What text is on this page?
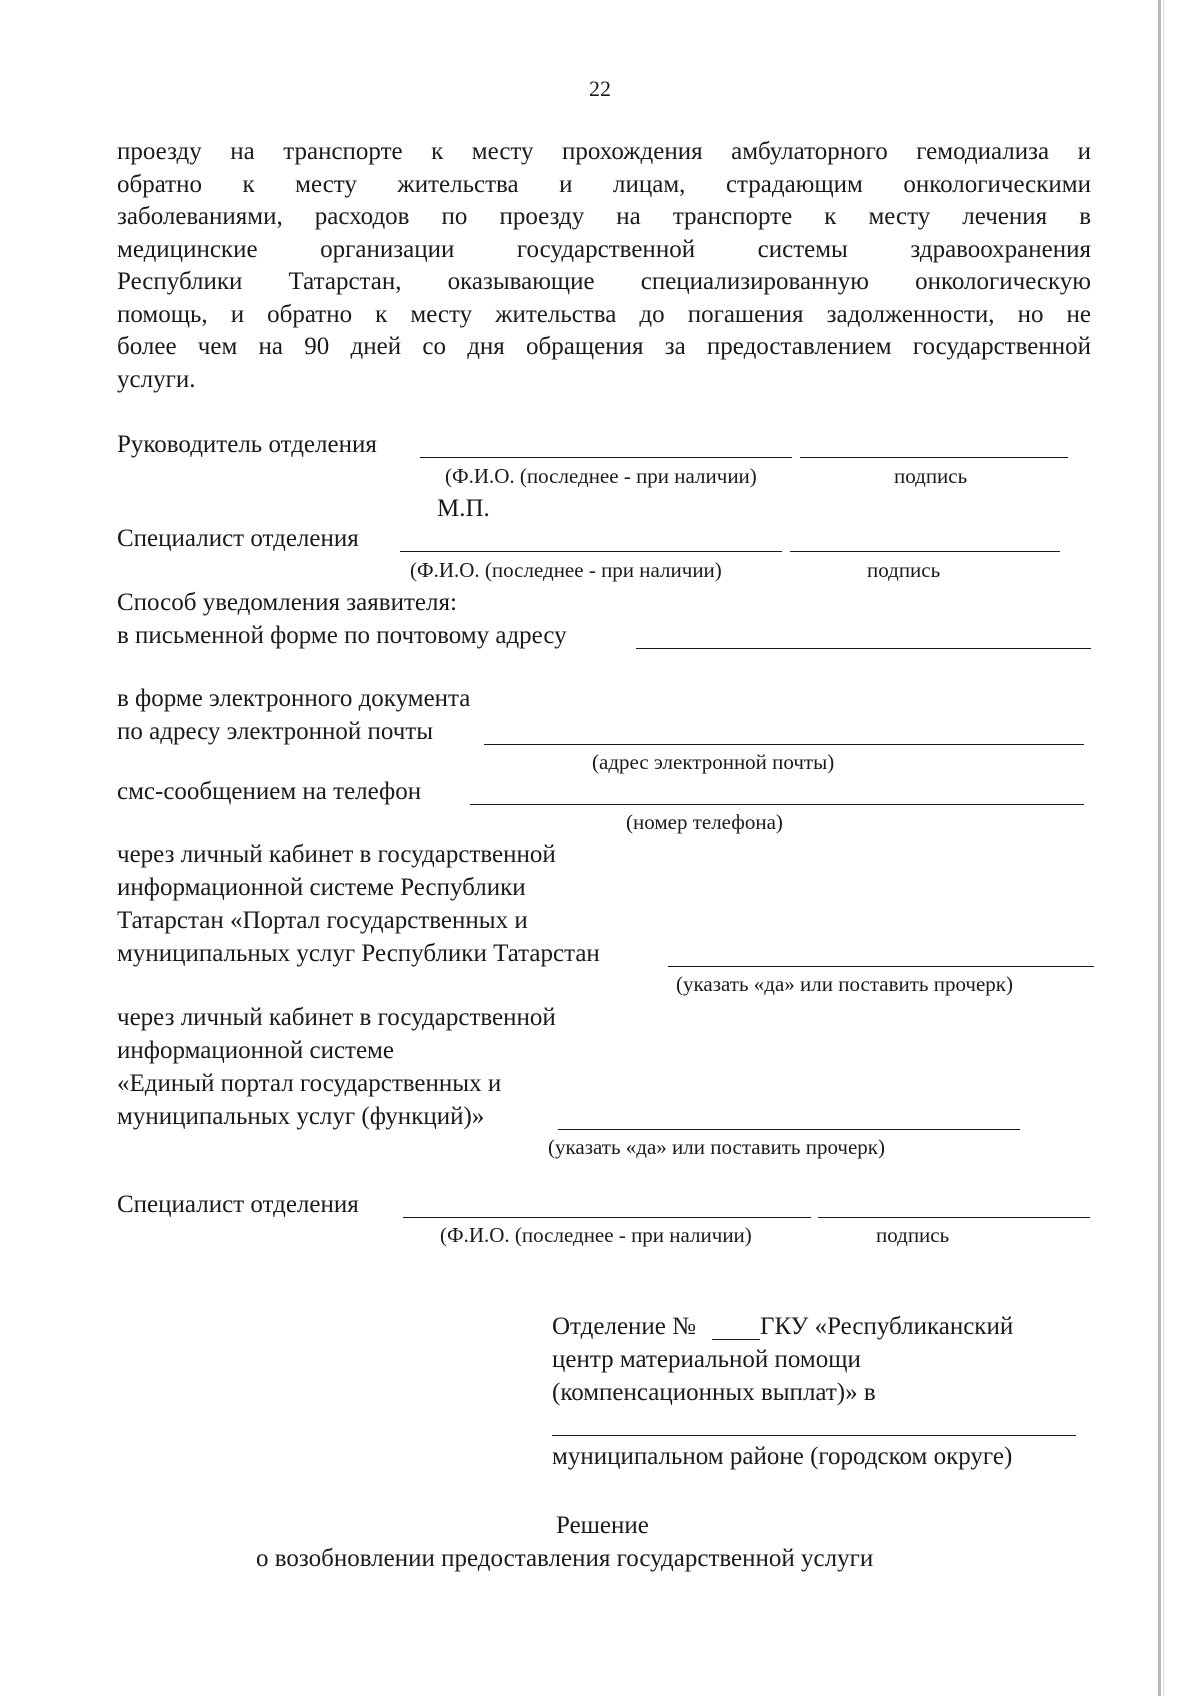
22

проезду на транспорте к месту прохождения амбулаторного гемодиализа и
обратно к месту жительства и лицам, страдающим онкологическими
заболеваниями, расходов по проезду на транспорте к месту лечения в
медицинские организации государственной системы здравоохранения
Республики Татарстан, оказывающие специализированную онкологическую
помощь, и обратно к месту жительства до погашения задолженности, но не
более чем на 90 дней со дня обращения за предоставлением государственной
услуги.

Руководитель отделения
(Ф.И.О. (последнее - при наличии)	подпись
М.П.
Специалист отделения
(Ф.И.О. (последнее - при наличии)	подпись
Способ уведомления заявителя:
в письменной форме по почтовому адресу
в форме электронного документа
по адресу электронной почты
(адрес электронной почты)
смс-сообщением на телефон
(номер телефона)
через личный кабинет в государственной
информационной системе Республики
Татарстан «Портал государственных и
муниципальных услуг Республики Татарстан
(указать «да» или поставить прочерк)
через личный кабинет в государственной
информационной системе
«Единый портал государственных и
муниципальных услуг (функций)»
(указать «да» или поставить прочерк)
Специалист отделения
(Ф.И.О. (последнее - при наличии)	подпись
Отделение №	ГКУ «Республиканский
центр материальной помощи
(компенсационных выплат)» в
муниципальном районе (городском округе)
Решение
о возобновлении предоставления государственной услуги
